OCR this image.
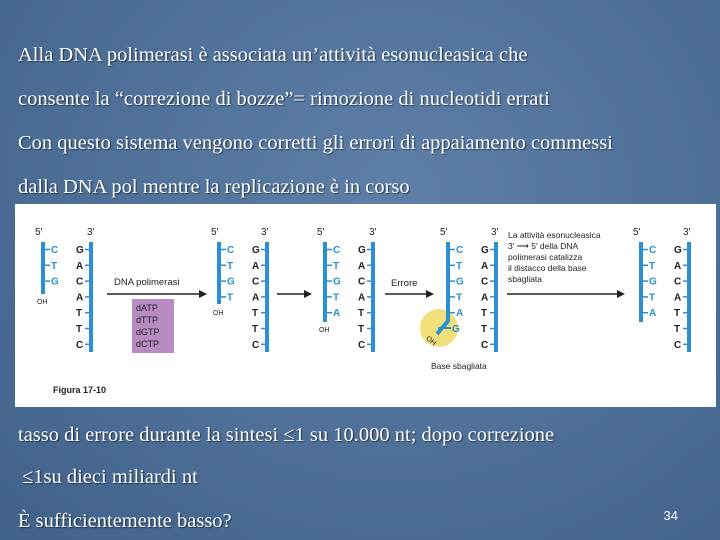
Alla DNA polimerasi è associata un’attività esonucleasica che
consente la “correzione di bozze”= rimozione di nucleotidi errati
Con questo sistema vengono corretti gli errori di appaiamento commessi
dalla DNA pol mentre la replicazione è in corso
5'	3'
OH
C
T
G
G
A
C
A
T
T
C
DNA polimerasi
dATP
dTTP
dGTP
dCTP
5'	3'
OH
C
T
G
T
G
A
C
A
T
T
C
5'	3'
OH
C
T
G
T
A
G
A
C
A
T
T
C
Errore
5'	3'
G
OH
Base sbagliata
C
T
G
T
A
G
A
C
A
T
T
C
La attività esonucleasica
3′ ⟶ 5′ della DNA
polimerasi catalizza
il distacco della base
sbagliata
5'	3'
C
T
G
T
A
G
A
C
A
T
T
C
Figura 17-10
tasso di errore durante la sintesi ≤1 su 10.000 nt; dopo correzione
≤1su dieci miliardi nt
È sufficientemente basso?	34
